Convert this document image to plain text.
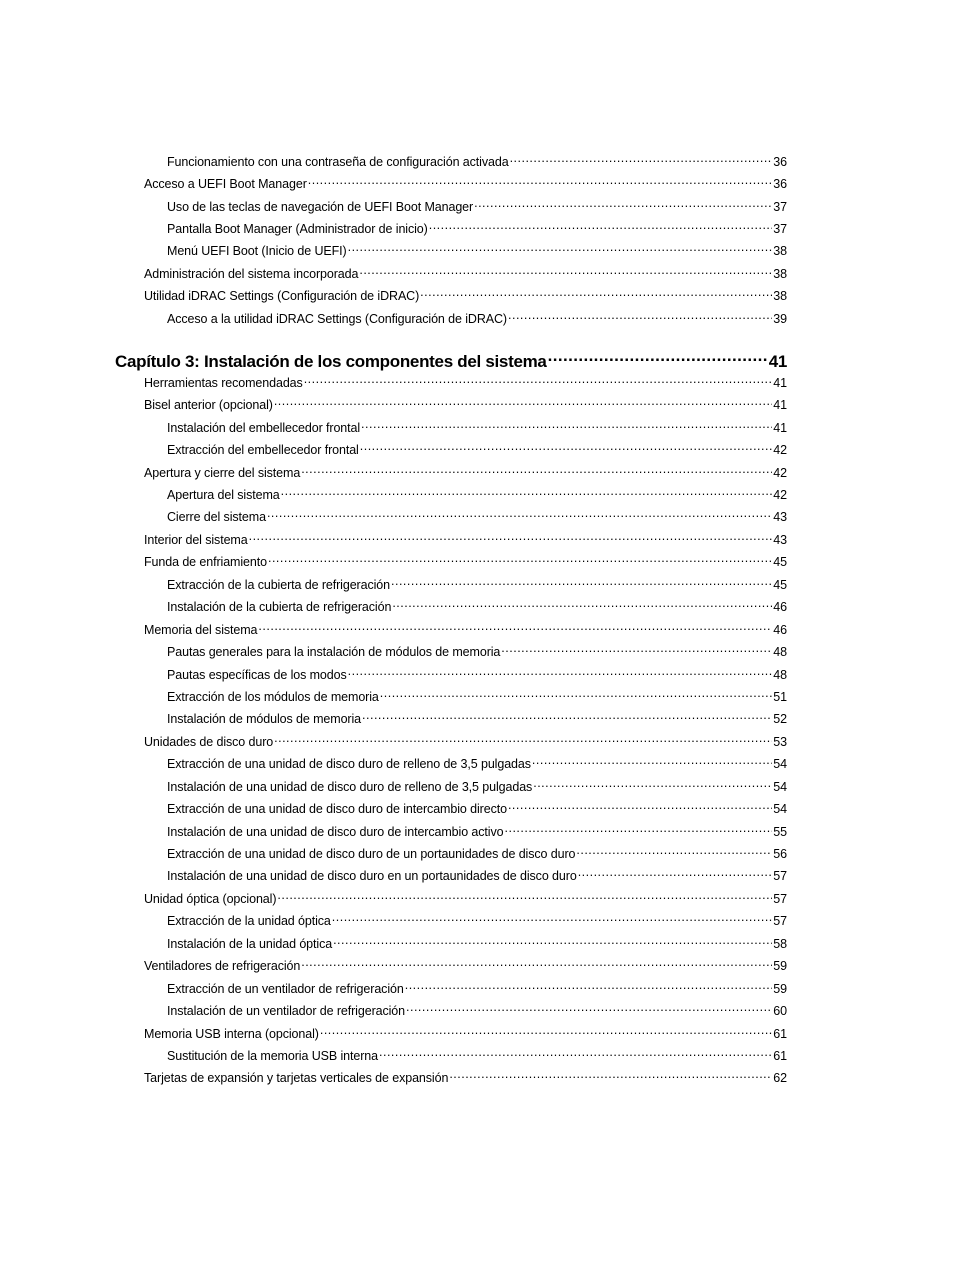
Funcionamiento con una contraseña de configuración activada .....	36
Acceso a UEFI Boot Manager .....	36
Uso de las teclas de navegación de UEFI Boot Manager .....	37
Pantalla Boot Manager (Administrador de inicio) .....	37
Menú UEFI Boot (Inicio de UEFI) .....	38
Administración del sistema incorporada .....	38
Utilidad iDRAC Settings (Configuración de iDRAC) .....	38
Acceso a la utilidad iDRAC Settings (Configuración de iDRAC) .....	39
Capítulo 3: Instalación de los componentes del sistema .....	41
Herramientas recomendadas .....	41
Bisel anterior (opcional) .....	41
Instalación del embellecedor frontal .....	41
Extracción del embellecedor frontal .....	42
Apertura y cierre del sistema .....	42
Apertura del sistema .....	42
Cierre del sistema .....	43
Interior del sistema .....	43
Funda de enfriamiento .....	45
Extracción de la cubierta de refrigeración .....	45
Instalación de la cubierta de refrigeración .....	46
Memoria del sistema .....	46
Pautas generales para la instalación de módulos de memoria .....	48
Pautas específicas de los modos .....	48
Extracción de los módulos de memoria .....	51
Instalación de módulos de memoria .....	52
Unidades de disco duro .....	53
Extracción de una unidad de disco duro de relleno de 3,5 pulgadas .....	54
Instalación de una unidad de disco duro de relleno de 3,5 pulgadas .....	54
Extracción de una unidad de disco duro de intercambio directo .....	54
Instalación de una unidad de disco duro de intercambio activo .....	55
Extracción de una unidad de disco duro de un portaunidades de disco duro .....	56
Instalación de una unidad de disco duro en un portaunidades de disco duro .....	57
Unidad óptica (opcional) .....	57
Extracción de la unidad óptica .....	57
Instalación de la unidad óptica .....	58
Ventiladores de refrigeración .....	59
Extracción de un ventilador de refrigeración .....	59
Instalación de un ventilador de refrigeración .....	60
Memoria USB interna (opcional) .....	61
Sustitución de la memoria USB interna .....	61
Tarjetas de expansión y tarjetas verticales de expansión .....	62
